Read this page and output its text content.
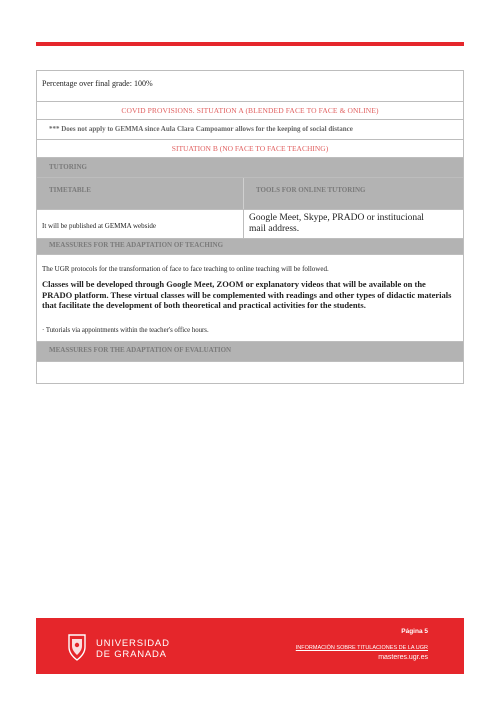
Percentage over final grade: 100%
COVID PROVISIONS. SITUATION A (BLENDED FACE TO FACE & ONLINE)
*** Does not apply to GEMMA since Aula Clara Campoamor allows for the keeping of social distance
SITUATION B (NO FACE TO FACE TEACHING)
TUTORING
TIMETABLE	TOOLS FOR ONLINE TUTORING
It will be published at GEMMA webside
Google Meet, Skype, PRADO or institucional mail address.
MEASSURES FOR THE ADAPTATION OF TEACHING
The UGR protocols for the transformation of face to face teaching to online teaching will be followed.
Classes will be developed through Google Meet, ZOOM or explanatory videos that will be available on the PRADO platform. These virtual classes will be complemented with readings and other types of didactic materials that facilitate the development of both theoretical and practical activities for the students.
· Tutorials via appointments within the teacher's office hours.
MEASSURES FOR THE ADAPTATION OF EVALUATION
UNIVERSIDAD
DE GRANADA
Página 5
INFORMACIÓN SOBRE TITULACIONES DE LA UGR
masteres.ugr.es
